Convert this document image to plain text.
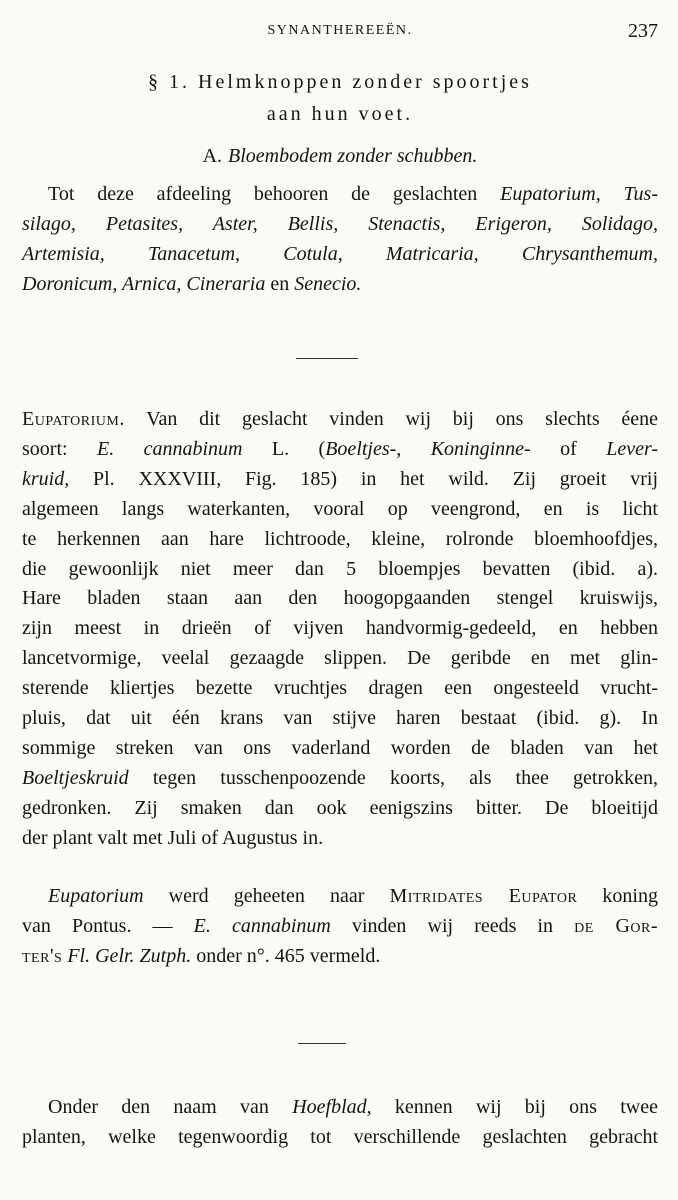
SYNANTHEREEËN.	237
§ 1. Helmknoppen zonder spoortjes
aan hun voet.
A. Bloembodem zonder schubben.
Tot deze afdeeling behooren de geslachten Eupatorium, Tus-
silago, Petasites, Aster, Bellis, Stenactis, Erigeron, Solidago,
Artemisia, Tanacetum, Cotula, Matricaria, Chrysanthemum,
Doronicum, Arnica, Cineraria en Senecio.
Eupatorium. Van dit geslacht vinden wij bij ons slechts éene
soort: E. cannabinum L. (Boeltjes-, Koninginne- of Lever-
kruid, Pl. XXXVIII, Fig. 185) in het wild. Zij groeit vrij
algemeen langs waterkanten, vooral op veengrond, en is licht
te herkennen aan hare lichtroode, kleine, rolronde bloemhoofdjes,
die gewoonlijk niet meer dan 5 bloempjes bevatten (ibid. a).
Hare bladen staan aan den hoogopgaanden stengel kruiswijs,
zijn meest in drieën of vijven handvormig-gedeeld, en hebben
lancetvormige, veelal gezaagde slippen. De geribde en met glin-
sterende kliertjes bezette vruchtjes dragen een ongesteeld vrucht-
pluis, dat uit één krans van stijve haren bestaat (ibid. g). In
sommige streken van ons vaderland worden de bladen van het
Boeltjeskruid tegen tusschenpoozende koorts, als thee getrokken,
gedronken. Zij smaken dan ook eenigszins bitter. De bloeitijd
der plant valt met Juli of Augustus in.
Eupatorium werd geheeten naar Mitridates Eupator koning
van Pontus. — E. cannabinum vinden wij reeds in de Gor-
ter's Fl. Gelr. Zutph. onder n°. 465 vermeld.
Onder den naam van Hoefblad, kennen wij bij ons twee
planten, welke tegenwoordig tot verschillende geslachten gebracht
